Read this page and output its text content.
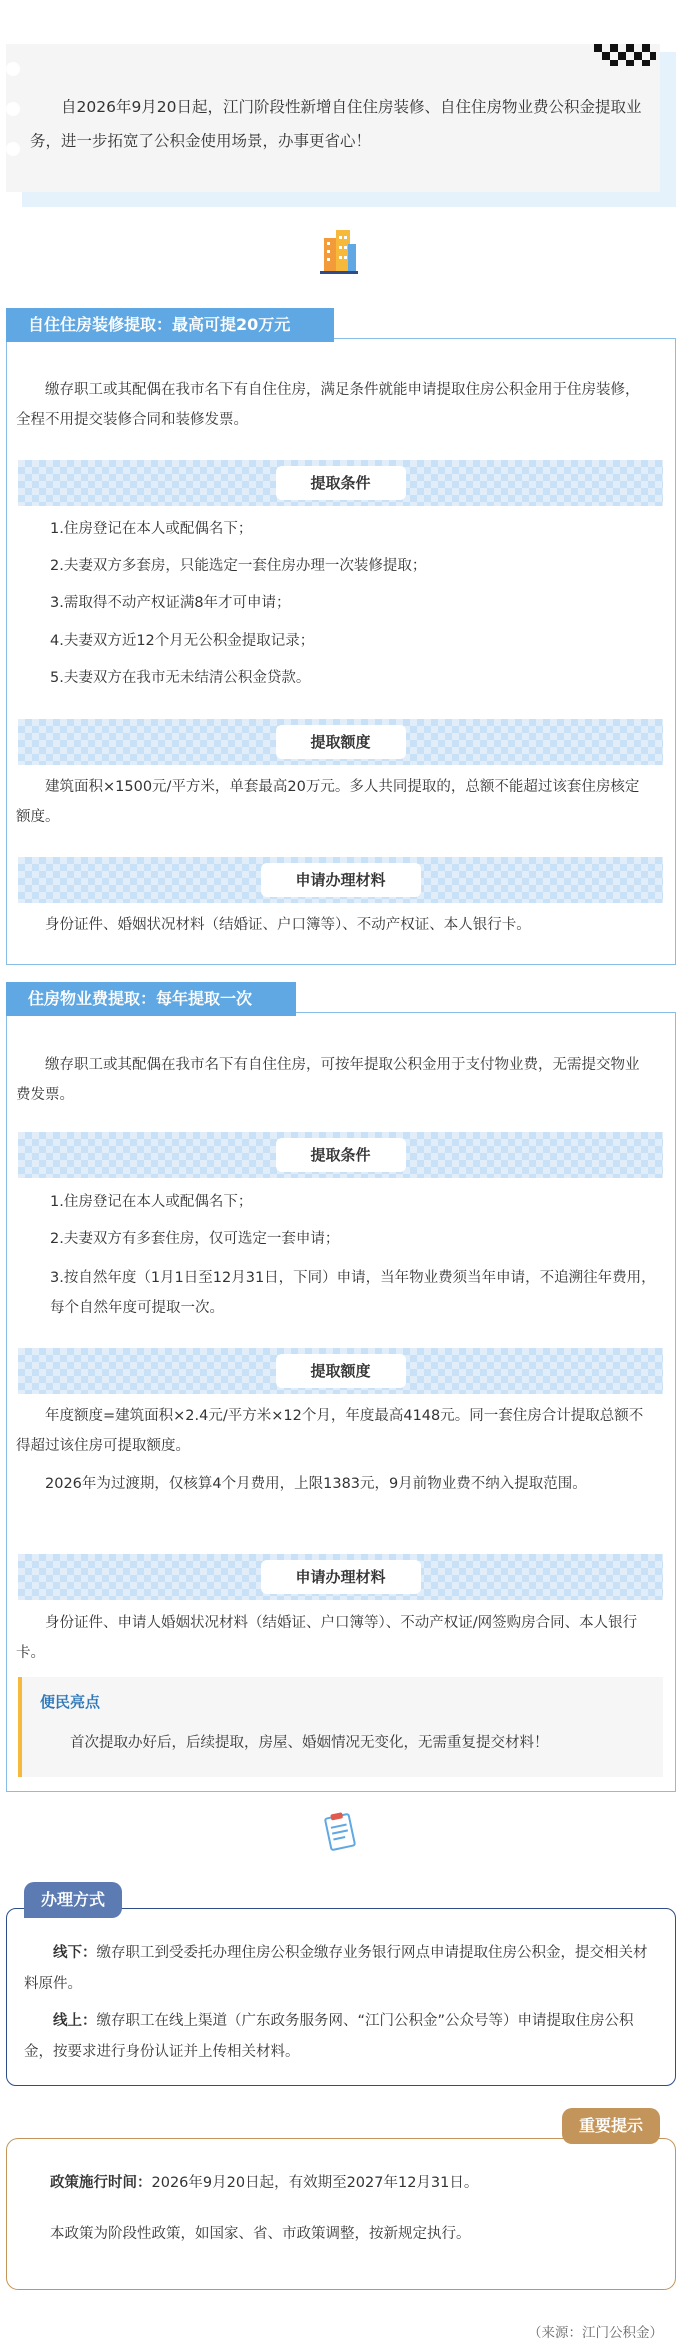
自2026年9月20日起，江门阶段性新增自住住房装修、自住住房物业费公积金提取业务，进一步拓宽了公积金使用场景，办事更省心！
自住住房装修提取：最高可提20万元
缴存职工或其配偶在我市名下有自住住房，满足条件就能申请提取住房公积金用于住房装修，全程不用提交装修合同和装修发票。
提取条件
1.住房登记在本人或配偶名下；
2.夫妻双方多套房，只能选定一套住房办理一次装修提取；
3.需取得不动产权证满8年才可申请；
4.夫妻双方近12个月无公积金提取记录；
5.夫妻双方在我市无未结清公积金贷款。
提取额度
建筑面积×1500元/平方米，单套最高20万元。多人共同提取的，总额不能超过该套住房核定额度。
申请办理材料
身份证件、婚姻状况材料（结婚证、户口簿等）、不动产权证、本人银行卡。
住房物业费提取：每年提取一次
缴存职工或其配偶在我市名下有自住住房，可按年提取公积金用于支付物业费，无需提交物业费发票。
提取条件
1.住房登记在本人或配偶名下；
2.夫妻双方有多套住房，仅可选定一套申请；
3.按自然年度（1月1日至12月31日，下同）申请，当年物业费须当年申请，不追溯往年费用，每个自然年度可提取一次。
提取额度
年度额度=建筑面积×2.4元/平方米×12个月，年度最高4148元。同一套住房合计提取总额不得超过该住房可提取额度。
2026年为过渡期，仅核算4个月费用，上限1383元，9月前物业费不纳入提取范围。
申请办理材料
身份证件、申请人婚姻状况材料（结婚证、户口簿等）、不动产权证/网签购房合同、本人银行卡。
便民亮点
首次提取办好后，后续提取，房屋、婚姻情况无变化，无需重复提交材料！
办理方式
线下：缴存职工到受委托办理住房公积金缴存业务银行网点申请提取住房公积金，提交相关材料原件。
线上：缴存职工在线上渠道（广东政务服务网、“江门公积金”公众号等）申请提取住房公积金，按要求进行身份认证并上传相关材料。
重要提示
政策施行时间：2026年9月20日起，有效期至2027年12月31日。
本政策为阶段性政策，如国家、省、市政策调整，按新规定执行。
（来源：江门公积金）
